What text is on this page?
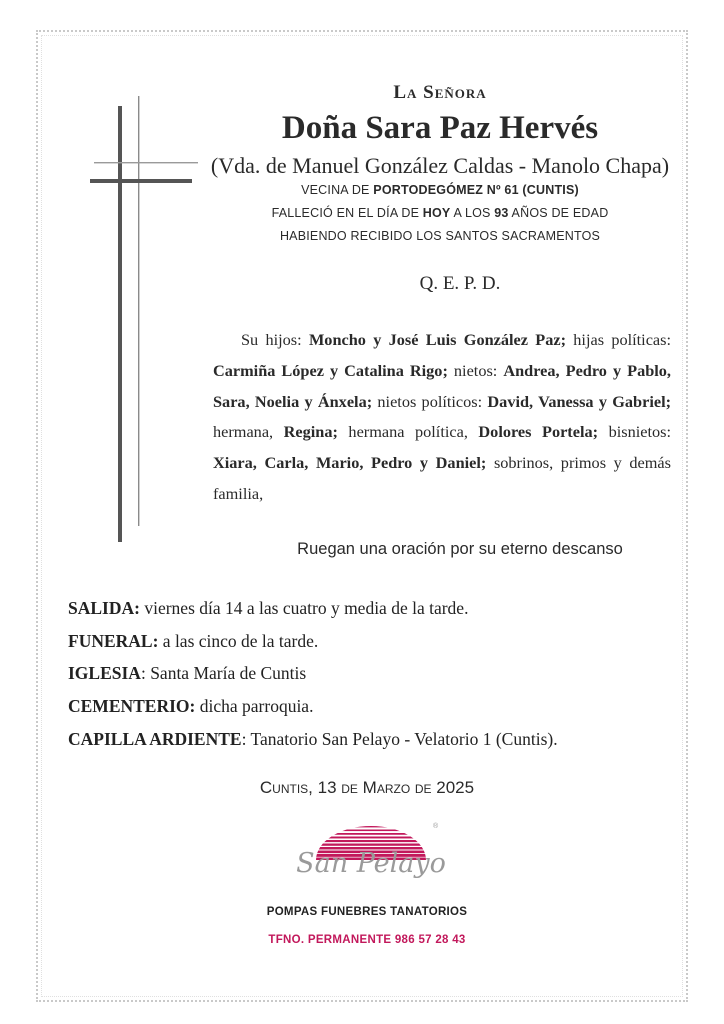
La Señora
Doña Sara Paz Hervés
(Vda. de Manuel González Caldas - Manolo Chapa)
VECINA DE PORTODEGÓMEZ Nº 61 (CUNTIS)
FALLECIÓ EN EL DÍA DE HOY A LOS 93 AÑOS DE EDAD
HABIENDO RECIBIDO LOS SANTOS SACRAMENTOS
Q. E. P. D.
Su hijos: Moncho y José Luis González Paz; hijas políticas: Carmiña López y Catalina Rigo; nietos: Andrea, Pedro y Pablo, Sara, Noelia y Ánxela; nietos políticos: David, Vanessa y Gabriel; hermana, Regina; hermana política, Dolores Portela; bisnietos: Xiara, Carla, Mario, Pedro y Daniel; sobrinos, primos y demás familia,
Ruegan una oración por su eterno descanso
SALIDA: viernes día 14 a las cuatro y media de la tarde.
FUNERAL: a las cinco de la tarde.
IGLESIA: Santa María de Cuntis
CEMENTERIO: dicha parroquia.
CAPILLA ARDIENTE: Tanatorio San Pelayo - Velatorio 1 (Cuntis).
Cuntis, 13 de Marzo de 2025
San Pelayo
®
POMPAS FUNEBRES TANATORIOS
TFNO. PERMANENTE 986 57 28 43
